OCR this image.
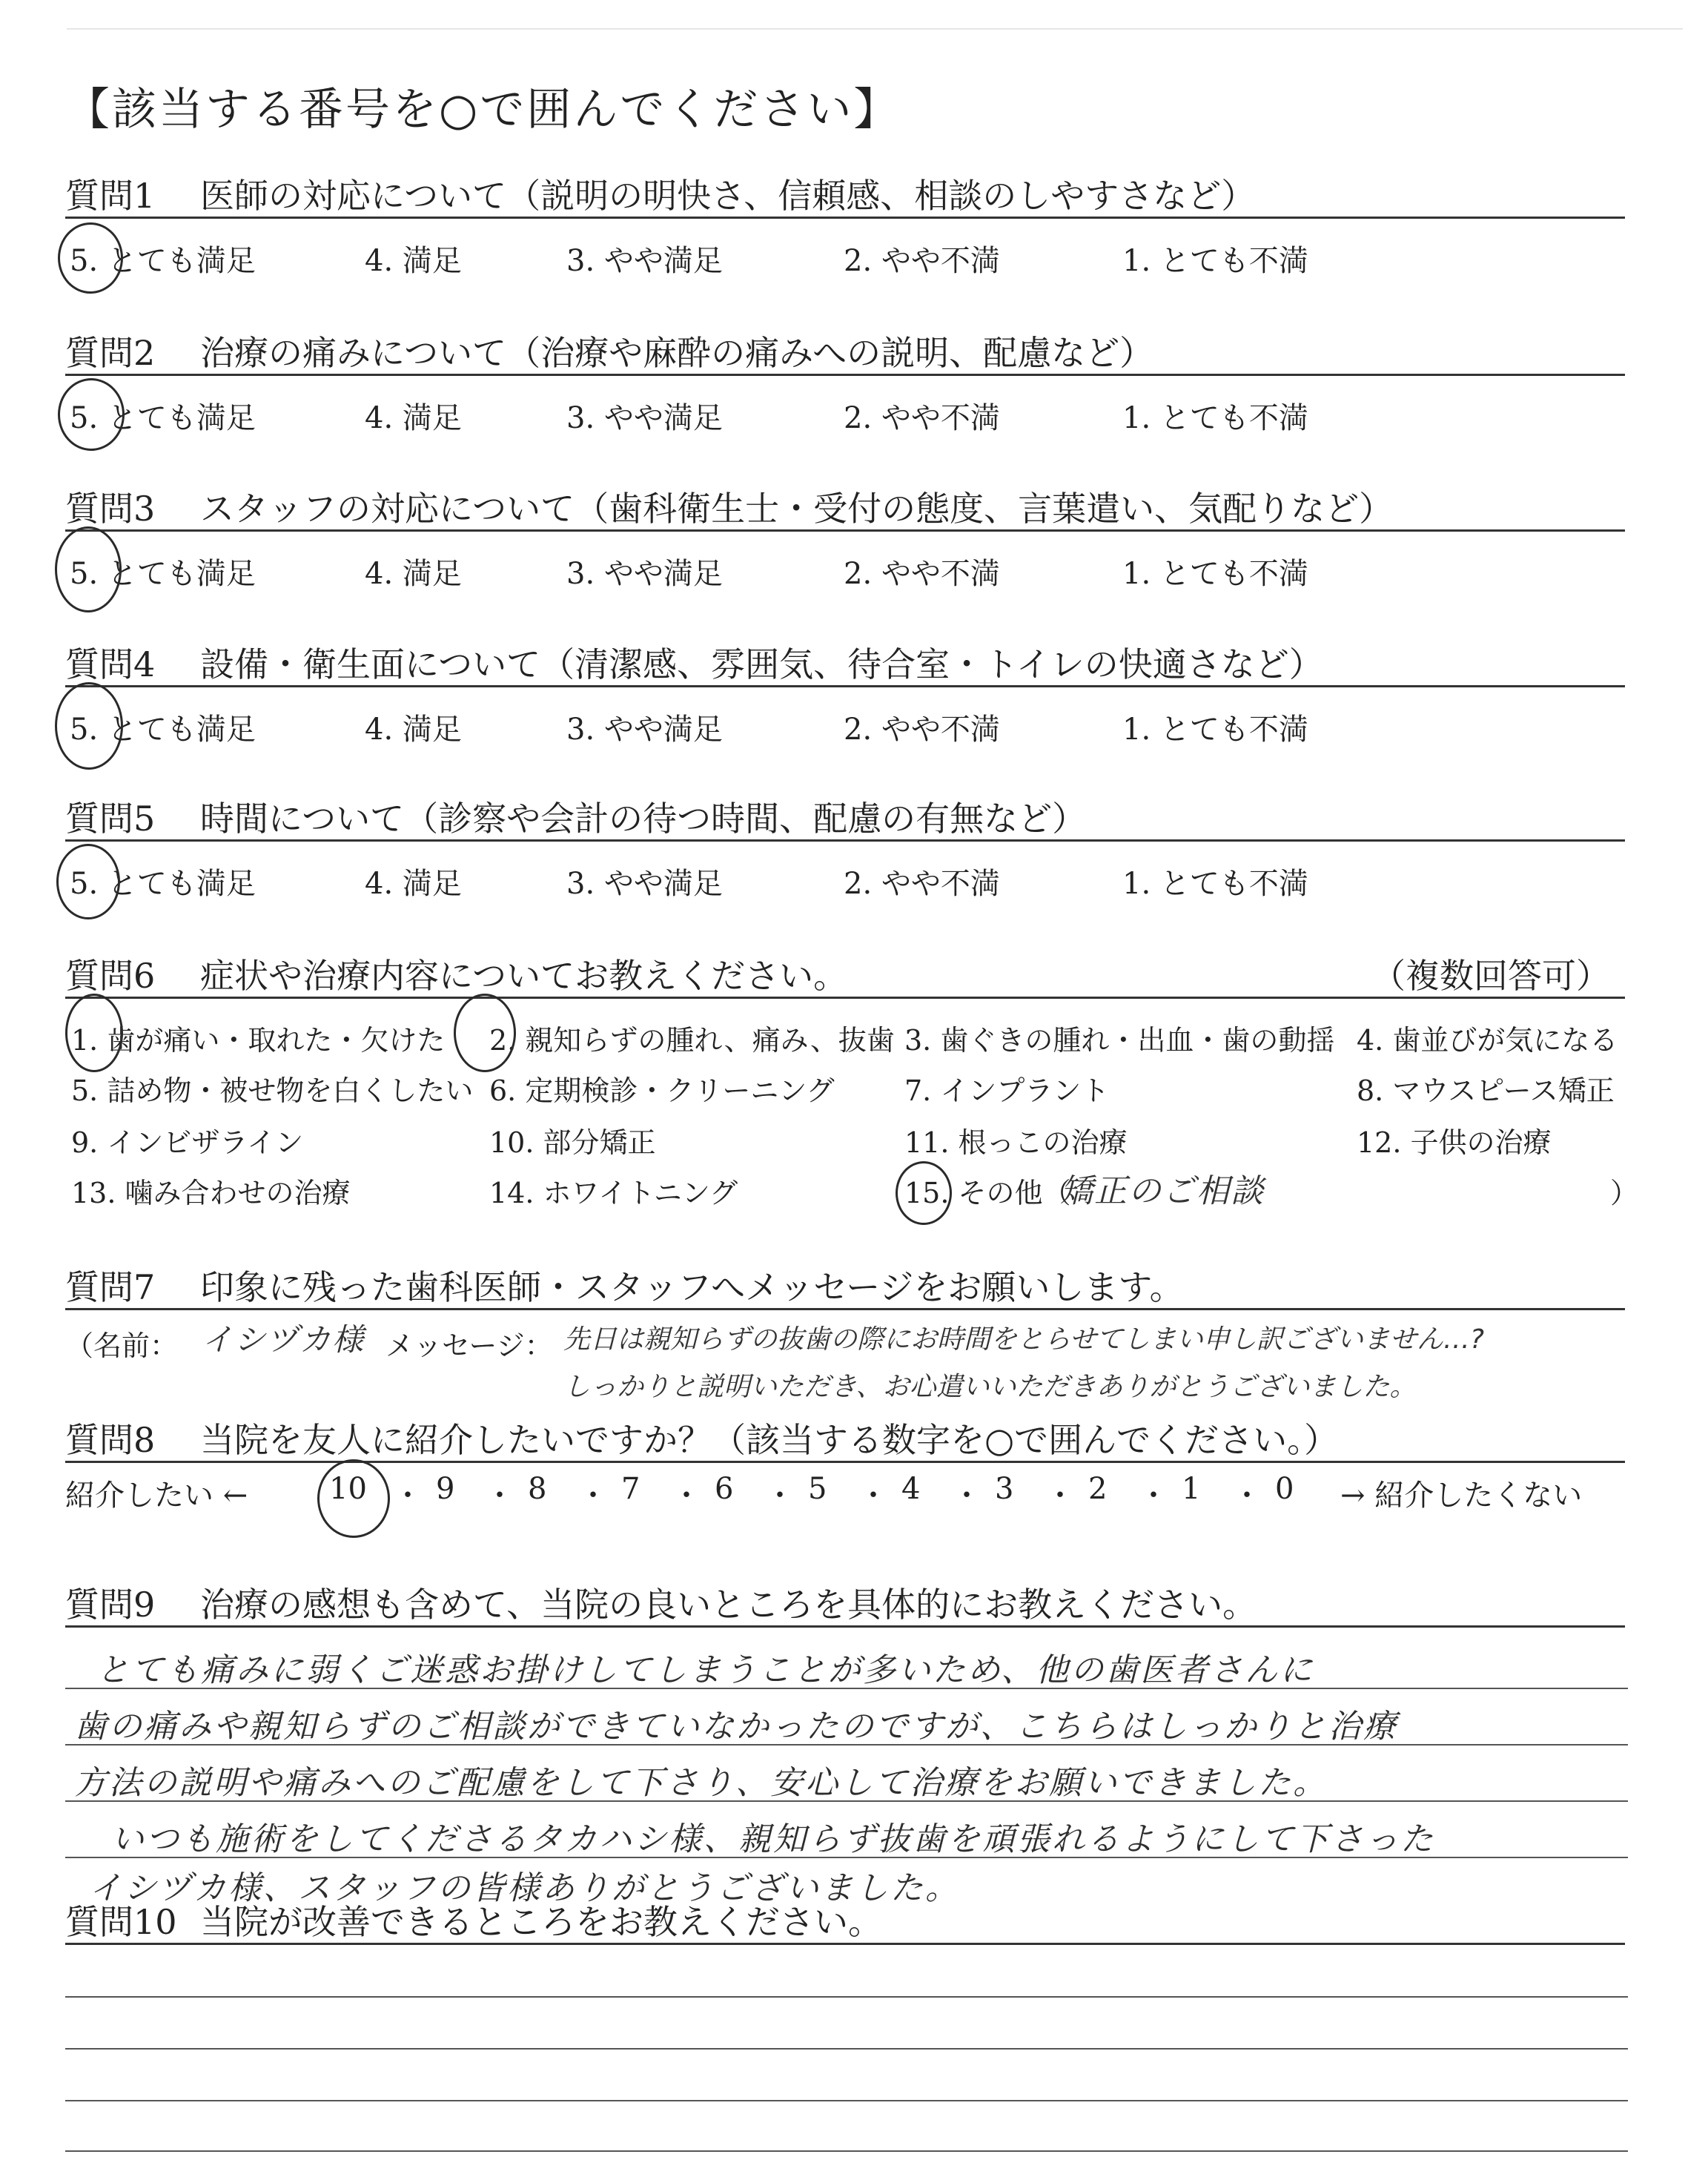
【該当する番号を○で囲んでください】
質問1 医師の対応について（説明の明快さ、信頼感、相談のしやすさなど）
5. とても満足	4. 満足	3. やや満足	2. やや不満	1. とても不満
質問2 治療の痛みについて（治療や麻酔の痛みへの説明、配慮など）
5. とても満足	4. 満足	3. やや満足	2. やや不満	1. とても不満
質問3 スタッフの対応について（歯科衛生士・受付の態度、言葉遣い、気配りなど）
5. とても満足	4. 満足	3. やや満足	2. やや不満	1. とても不満
質問4 設備・衛生面について（清潔感、雰囲気、待合室・トイレの快適さなど）
5. とても満足	4. 満足	3. やや満足	2. やや不満	1. とても不満
質問5 時間について（診察や会計の待つ時間、配慮の有無など）
5. とても満足	4. 満足	3. やや満足	2. やや不満	1. とても不満
質問6 症状や治療内容についてお教えください。	（複数回答可）
1. 歯が痛い・取れた・欠けた 2. 親知らずの腫れ、痛み、抜歯 3. 歯ぐきの腫れ・出血・歯の動揺 4. 歯並びが気になる
5. 詰め物・被せ物を白くしたい 6. 定期検診・クリーニング 7. インプラント	8. マウスピース矯正
9. インビザライン	10. 部分矯正	11. 根っこの治療	12. 子供の治療
13. 噛み合わせの治療	14. ホワイトニング	15. その他（
矯正のご相談	）
質問7 印象に残った歯科医師・スタッフへメッセージをお願いします。
（名前： イシヅカ様 メッセージ： 先日は親知らずの抜歯の際にお時間をとらせてしまい申し訳ございません…?
しっかりと説明いただき、お心遣いいただきありがとうございました。
質問8 当院を友人に紹介したいですか？（該当する数字を○で囲んでください。）
紹介したい ←	10 ・ 9 ・ 8 ・ 7 ・ 6 ・ 5 ・ 4 ・ 3 ・ 2 ・ 1 ・ 0 → 紹介したくない
質問9 治療の感想も含めて、当院の良いところを具体的にお教えください。
とても痛みに弱くご迷惑お掛けしてしまうことが多いため、他の歯医者さんに
歯の痛みや親知らずのご相談ができていなかったのですが、こちらはしっかりと治療
方法の説明や痛みへのご配慮をして下さり、安心して治療をお願いできました。
いつも施術をしてくださるタカハシ様、親知らず抜歯を頑張れるようにして下さった
イシヅカ様、スタッフの皆様ありがとうございました。
質問10 当院が改善できるところをお教えください。
